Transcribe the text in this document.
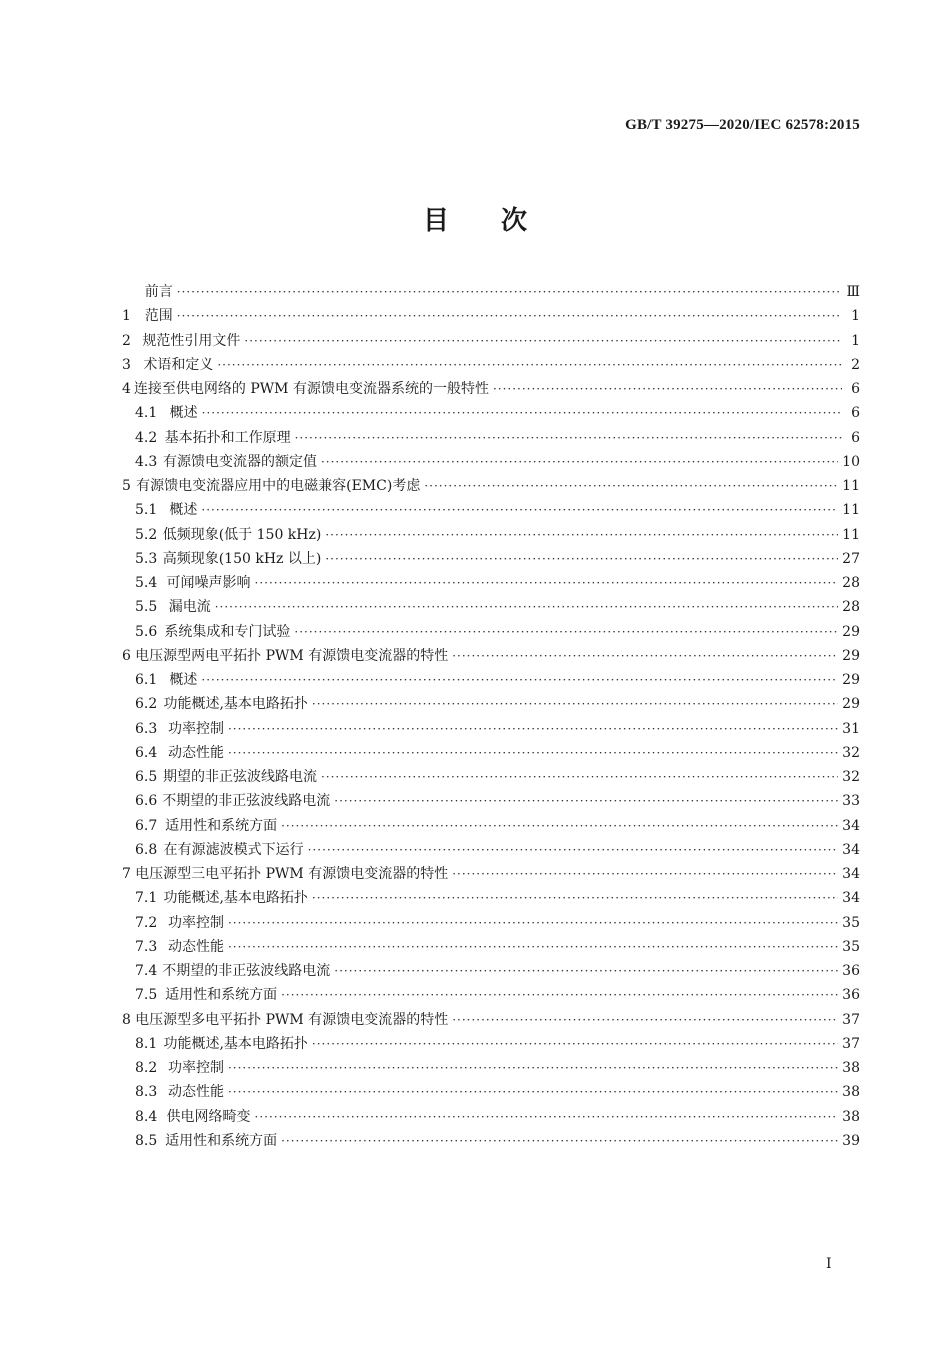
GB/T 39275—2020/IEC 62578:2015
目 次
前言 ·····	Ⅲ
1 范围 ·····	1
2 规范性引用文件 ·····	1
3 术语和定义 ·····	2
4 连接至供电网络的 PWM 有源馈电变流器系统的一般特性 ·····	6
4.1 概述 ·····	6
4.2 基本拓扑和工作原理 ·····	6
4.3 有源馈电变流器的额定值 ·····	10
5 有源馈电变流器应用中的电磁兼容(EMC)考虑 ·····	11
5.1 概述 ·····	11
5.2 低频现象(低于 150 kHz) ·····	11
5.3 高频现象(150 kHz 以上) ·····	27
5.4 可闻噪声影响 ·····	28
5.5 漏电流 ·····	28
5.6 系统集成和专门试验 ·····	29
6 电压源型两电平拓扑 PWM 有源馈电变流器的特性 ·····	29
6.1 概述 ·····	29
6.2 功能概述,基本电路拓扑 ·····	29
6.3 功率控制 ·····	31
6.4 动态性能 ·····	32
6.5 期望的非正弦波线路电流 ·····	32
6.6 不期望的非正弦波线路电流 ·····	33
6.7 适用性和系统方面 ·····	34
6.8 在有源滤波模式下运行 ·····	34
7 电压源型三电平拓扑 PWM 有源馈电变流器的特性 ·····	34
7.1 功能概述,基本电路拓扑 ·····	34
7.2 功率控制 ·····	35
7.3 动态性能 ·····	35
7.4 不期望的非正弦波线路电流 ·····	36
7.5 适用性和系统方面 ·····	36
8 电压源型多电平拓扑 PWM 有源馈电变流器的特性 ·····	37
8.1 功能概述,基本电路拓扑 ·····	37
8.2 功率控制 ·····	38
8.3 动态性能 ·····	38
8.4 供电网络畸变 ·····	38
8.5 适用性和系统方面 ·····	39
I
